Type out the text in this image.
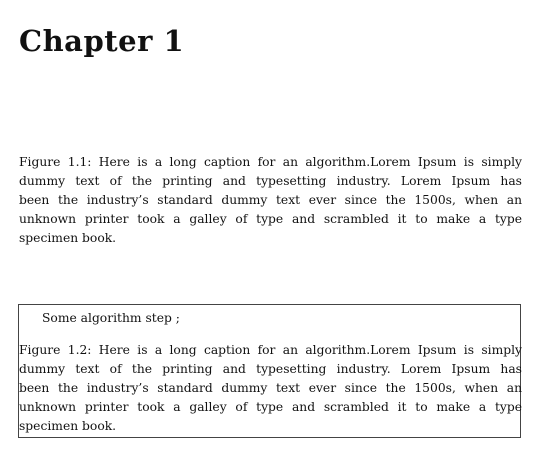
Chapter 1

Figure 1.1: Here is a long caption for an algorithm.Lorem Ipsum is simply
dummy text of the printing and typesetting industry. Lorem Ipsum has
been the industry’s standard dummy text ever since the 1500s, when an
unknown printer took a galley of type and scrambled it to make a type
specimen book.

Some algorithm step ;

Figure 1.2: Here is a long caption for an algorithm.Lorem Ipsum is simply
dummy text of the printing and typesetting industry. Lorem Ipsum has
been the industry’s standard dummy text ever since the 1500s, when an
unknown printer took a galley of type and scrambled it to make a type
specimen book.
